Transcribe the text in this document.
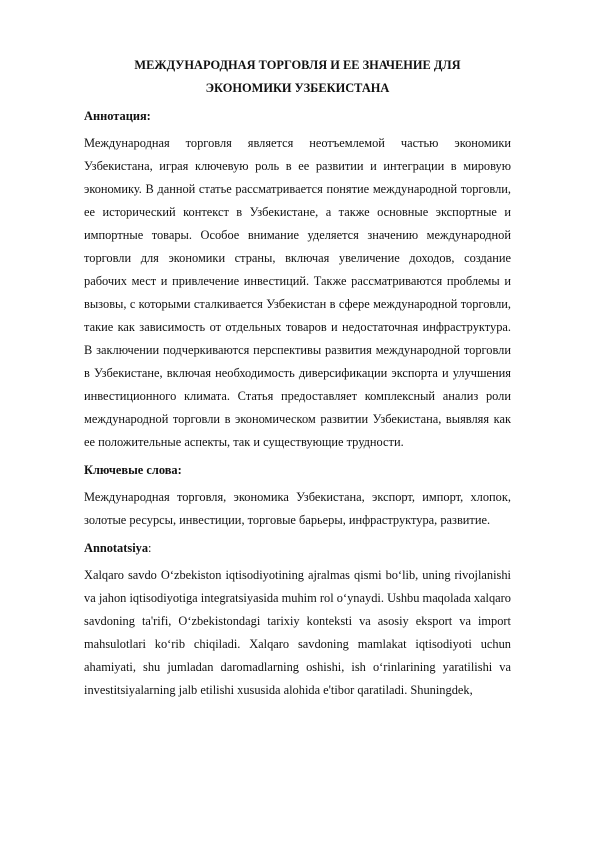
МЕЖДУНАРОДНАЯ ТОРГОВЛЯ И ЕЕ ЗНАЧЕНИЕ ДЛЯ
ЭКОНОМИКИ УЗБЕКИСТАНА
Аннотация:

Международная торговля является неотъемлемой частью экономики Узбекистана, играя ключевую роль в ее развитии и интеграции в мировую экономику. В данной статье рассматривается понятие международной торговли, ее исторический контекст в Узбекистане, а также основные экспортные и импортные товары. Особое внимание уделяется значению международной торговли для экономики страны, включая увеличение доходов, создание рабочих мест и привлечение инвестиций. Также рассматриваются проблемы и вызовы, с которыми сталкивается Узбекистан в сфере международной торговли, такие как зависимость от отдельных товаров и недостаточная инфраструктура. В заключении подчеркиваются перспективы развития международной торговли в Узбекистане, включая необходимость диверсификации экспорта и улучшения инвестиционного климата. Статья предоставляет комплексный анализ роли международной торговли в экономическом развитии Узбекистана, выявляя как ее положительные аспекты, так и существующие трудности.

Ключевые слова:

Международная торговля, экономика Узбекистана, экспорт, импорт, хлопок, золотые ресурсы, инвестиции, торговые барьеры, инфраструктура, развитие.

Annotatsiya:

Xalqaro savdo O‘zbekiston iqtisodiyotining ajralmas qismi bo‘lib, uning rivojlanishi va jahon iqtisodiyotiga integratsiyasida muhim rol o‘ynaydi. Ushbu maqolada xalqaro savdoning ta'rifi, O‘zbekistondagi tarixiy konteksti va asosiy eksport va import mahsulotlari ko‘rib chiqiladi. Xalqaro savdoning mamlakat iqtisodiyoti uchun ahamiyati, shu jumladan daromadlarning oshishi, ish o‘rinlarining yaratilishi va investitsiyalarning jalb etilishi xususida alohida e'tibor qaratiladi. Shuningdek,
